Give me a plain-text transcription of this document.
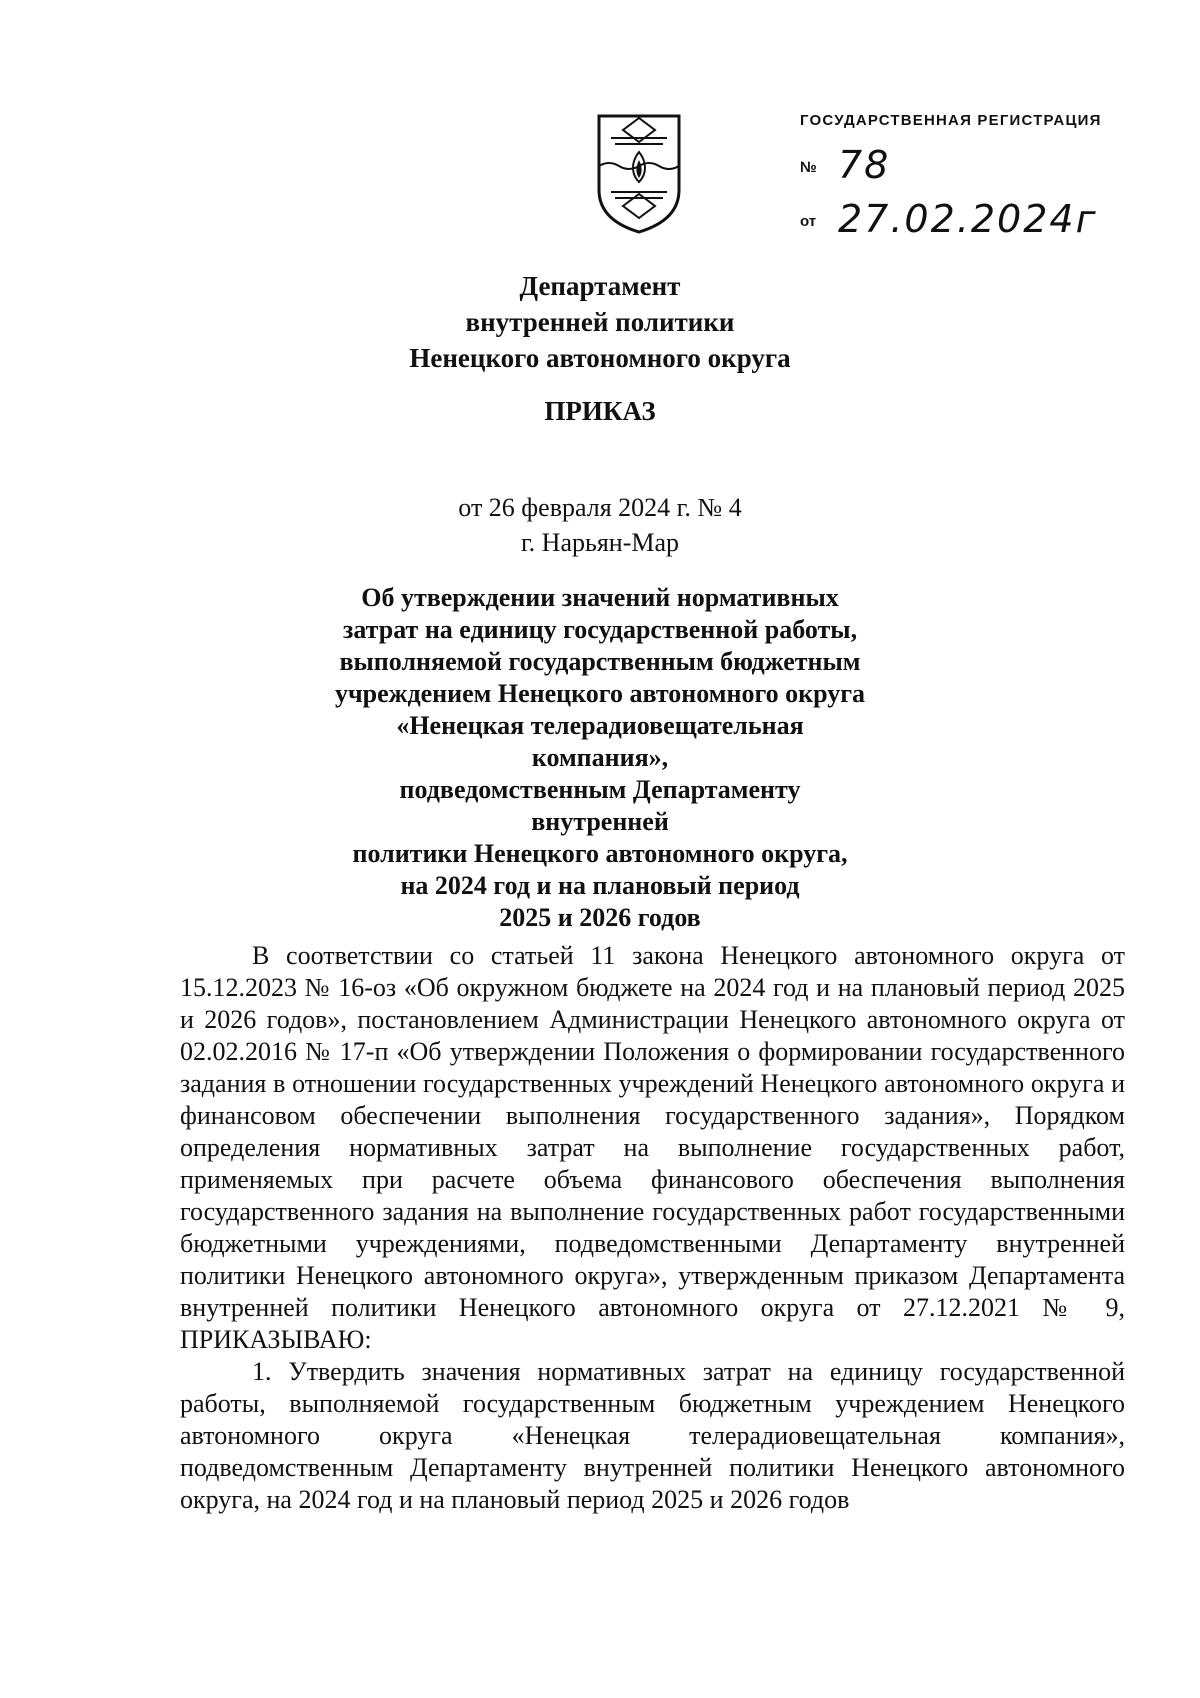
ГОСУДАРСТВЕННАЯ РЕГИСТРАЦИЯ
№ 78
от 27.02.2024г
Департамент
внутренней политики
Ненецкого автономного округа
ПРИКАЗ
от 26 февраля 2024 г. № 4
г. Нарьян-Мар
Об утверждении значений нормативных
затрат на единицу государственной работы,
выполняемой государственным бюджетным
учреждением Ненецкого автономного округа
«Ненецкая телерадиовещательная компания»,
подведомственным Департаменту внутренней
политики Ненецкого автономного округа,
на 2024 год и на плановый период
2025 и 2026 годов

В соответствии со статьей 11 закона Ненецкого автономного округа от 15.12.2023 № 16-оз «Об окружном бюджете на 2024 год и на плановый период 2025 и 2026 годов», постановлением Администрации Ненецкого автономного округа от 02.02.2016 № 17-п «Об утверждении Положения о формировании государственного задания в отношении государственных учреждений Ненецкого автономного округа и финансовом обеспечении выполнения государственного задания», Порядком определения нормативных затрат на выполнение государственных работ, применяемых при расчете объема финансового обеспечения выполнения государственного задания на выполнение государственных работ государственными бюджетными учреждениями, подведомственными Департаменту внутренней политики Ненецкого автономного округа», утвержденным приказом Департамента внутренней политики Ненецкого автономного округа от 27.12.2021 № 9, ПРИКАЗЫВАЮ:

1. Утвердить значения нормативных затрат на единицу государственной работы, выполняемой государственным бюджетным учреждением Ненецкого автономного округа «Ненецкая телерадиовещательная компания», подведомственным Департаменту внутренней политики Ненецкого автономного округа, на 2024 год и на плановый период 2025 и 2026 годов
